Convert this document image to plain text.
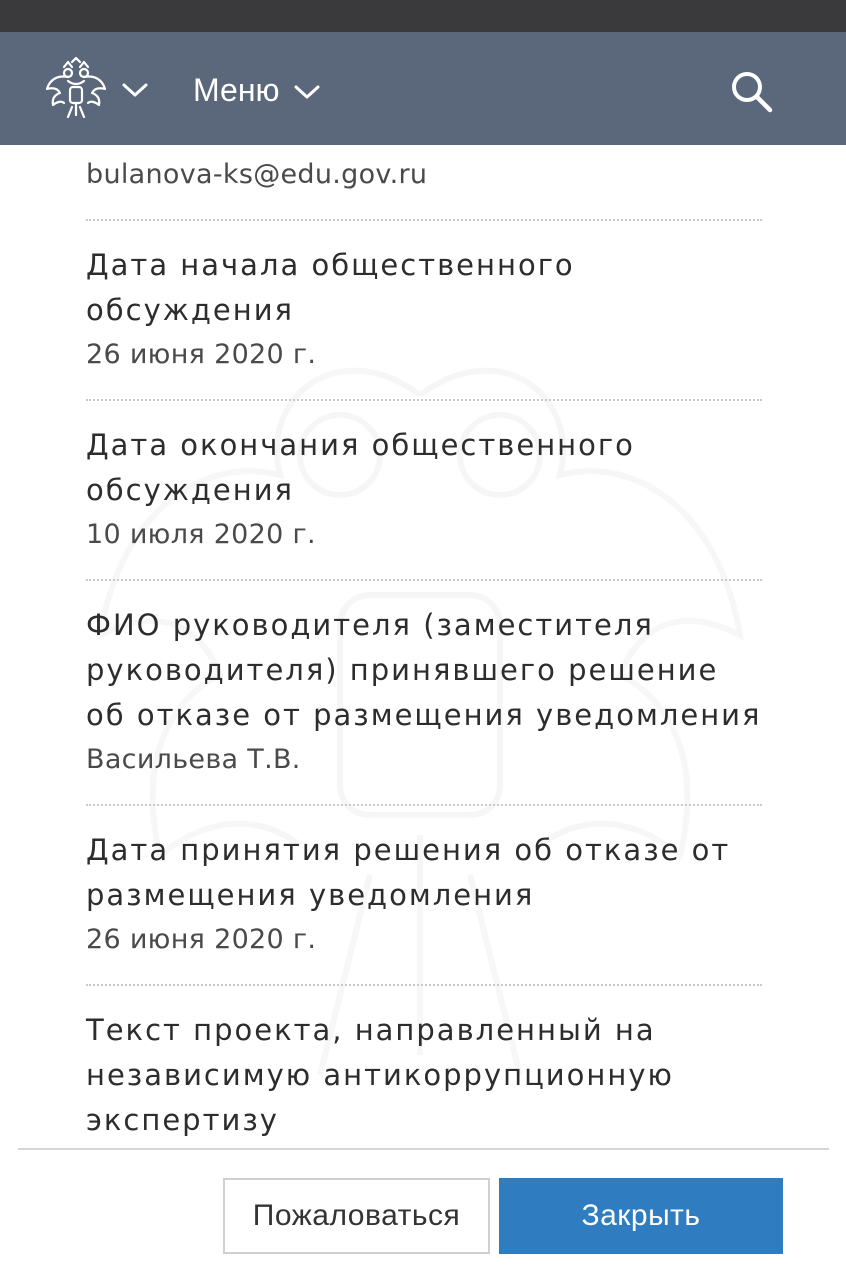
Меню
bulanova-ks@edu.gov.ru
Дата начала общественного обсуждения
26 июня 2020 г.
Дата окончания общественного обсуждения
10 июля 2020 г.
ФИО руководителя (заместителя руководителя) принявшего решение об отказе от размещения уведомления
Васильева Т.В.
Дата принятия решения об отказе от размещения уведомления
26 июня 2020 г.
Текст проекта, направленный на независимую антикоррупционную экспертизу
Пожаловаться	Закрыть
